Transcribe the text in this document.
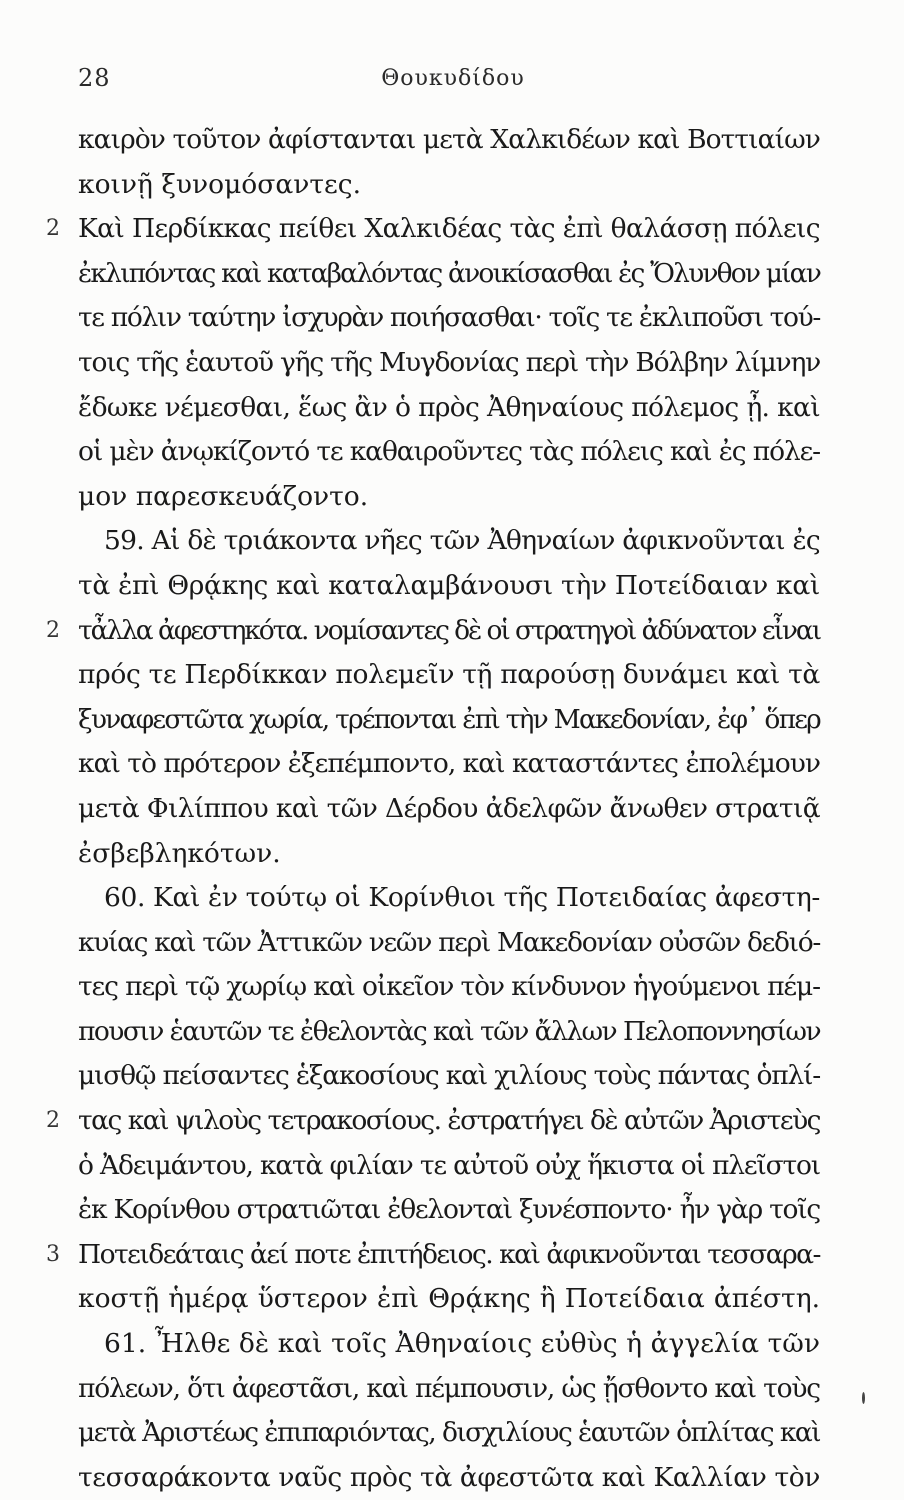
28	Θουκυδίδου
καιρὸν τοῦτον ἀφίστανται μετὰ Χαλκιδέων καὶ Βοττιαίων
κοινῇ ξυνομόσαντες.
2 Καὶ Περδίκκας πείθει Χαλκιδέας τὰς ἐπὶ θαλάσσῃ πόλεις
ἐκλιπόντας καὶ καταβαλόντας ἀνοικίσασθαι ἐς Ὄλυνθον μίαν
τε πόλιν ταύτην ἰσχυρὰν ποιήσασθαι· τοῖς τε ἐκλιποῦσι τού-
τοις τῆς ἑαυτοῦ γῆς τῆς Μυγδονίας περὶ τὴν Βόλβην λίμνην
ἔδωκε νέμεσθαι, ἕως ἂν ὁ πρὸς Ἀθηναίους πόλεμος ᾖ. καὶ
οἱ μὲν ἀνῳκίζοντό τε καθαιροῦντες τὰς πόλεις καὶ ἐς πόλε-
μον παρεσκευάζοντο.
59. Αἱ δὲ τριάκοντα νῆες τῶν Ἀθηναίων ἀφικνοῦνται ἐς
τὰ ἐπὶ Θρᾴκης καὶ καταλαμβάνουσι τὴν Ποτείδαιαν καὶ
2 τἆλλα ἀφεστηκότα. νομίσαντες δὲ οἱ στρατηγοὶ ἀδύνατον εἶναι
πρός τε Περδίκκαν πολεμεῖν τῇ παρούσῃ δυνάμει καὶ τὰ
ξυναφεστῶτα χωρία, τρέπονται ἐπὶ τὴν Μακεδονίαν, ἐφ᾽ ὅπερ
καὶ τὸ πρότερον ἐξεπέμποντο, καὶ καταστάντες ἐπολέμουν
μετὰ Φιλίππου καὶ τῶν Δέρδου ἀδελφῶν ἄνωθεν στρατιᾷ
ἐσβεβληκότων.
60. Καὶ ἐν τούτῳ οἱ Κορίνθιοι τῆς Ποτειδαίας ἀφεστη-
κυίας καὶ τῶν Ἀττικῶν νεῶν περὶ Μακεδονίαν οὐσῶν δεδιό-
τες περὶ τῷ χωρίῳ καὶ οἰκεῖον τὸν κίνδυνον ἡγούμενοι πέμ-
πουσιν ἑαυτῶν τε ἐθελοντὰς καὶ τῶν ἄλλων Πελοποννησίων
μισθῷ πείσαντες ἑξακοσίους καὶ χιλίους τοὺς πάντας ὁπλί-
2 τας καὶ ψιλοὺς τετρακοσίους. ἐστρατήγει δὲ αὐτῶν Ἀριστεὺς
ὁ Ἀδειμάντου, κατὰ φιλίαν τε αὐτοῦ οὐχ ἥκιστα οἱ πλεῖστοι
ἐκ Κορίνθου στρατιῶται ἐθελονταὶ ξυνέσποντο· ἦν γὰρ τοῖς
3 Ποτειδεάταις ἀεί ποτε ἐπιτήδειος. καὶ ἀφικνοῦνται τεσσαρα-
κοστῇ ἡμέρᾳ ὕστερον ἐπὶ Θρᾴκης ἢ Ποτείδαια ἀπέστη.
61. Ἦλθε δὲ καὶ τοῖς Ἀθηναίοις εὐθὺς ἡ ἀγγελία τῶν
πόλεων, ὅτι ἀφεστᾶσι, καὶ πέμπουσιν, ὡς ᾔσθοντο καὶ τοὺς
μετὰ Ἀριστέως ἐπιπαριόντας, δισχιλίους ἑαυτῶν ὁπλίτας καὶ
τεσσαράκοντα ναῦς πρὸς τὰ ἀφεστῶτα καὶ Καλλίαν τὸν
